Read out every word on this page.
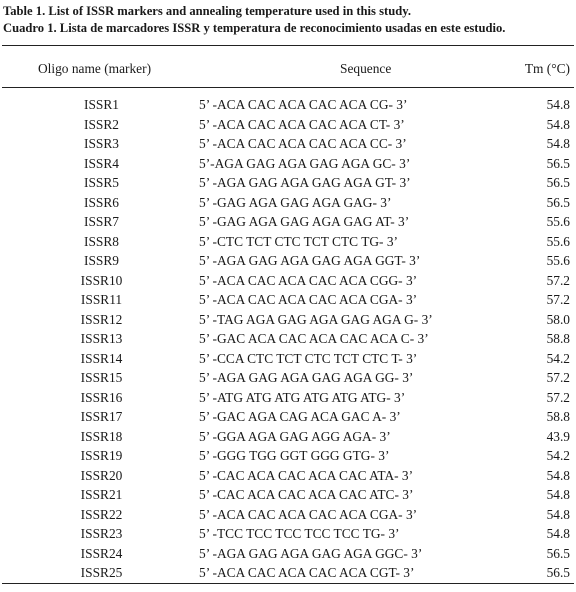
Table 1. List of ISSR markers and annealing temperature used in this study.
Cuadro 1. Lista de marcadores ISSR y temperatura de reconocimiento usadas en este estudio.
Oligo name (marker)	Sequence	Tm (°C)
ISSR1	5’ -ACA CAC ACA CAC ACA CG- 3’	54.8
ISSR2	5’ -ACA CAC ACA CAC ACA CT- 3’	54.8
ISSR3	5’ -ACA CAC ACA CAC ACA CC- 3’	54.8
ISSR4	5’-AGA GAG AGA GAG AGA GC- 3’	56.5
ISSR5	5’ -AGA GAG AGA GAG AGA GT- 3’	56.5
ISSR6	5’ -GAG AGA GAG AGA GAG- 3’	56.5
ISSR7	5’ -GAG AGA GAG AGA GAG AT- 3’	55.6
ISSR8	5’ -CTC TCT CTC TCT CTC TG- 3’	55.6
ISSR9	5’ -AGA GAG AGA GAG AGA GGT- 3’	55.6
ISSR10	5’ -ACA CAC ACA CAC ACA CGG- 3’	57.2
ISSR11	5’ -ACA CAC ACA CAC ACA CGA- 3’	57.2
ISSR12	5’ -TAG AGA GAG AGA GAG AGA G- 3’	58.0
ISSR13	5’ -GAC ACA CAC ACA CAC ACA C- 3’	58.8
ISSR14	5’ -CCA CTC TCT CTC TCT CTC T- 3’	54.2
ISSR15	5’ -AGA GAG AGA GAG AGA GG- 3’	57.2
ISSR16	5’ -ATG ATG ATG ATG ATG ATG- 3’	57.2
ISSR17	5’ -GAC AGA CAG ACA GAC A- 3’	58.8
ISSR18	5’ -GGA AGA GAG AGG AGA- 3’	43.9
ISSR19	5’ -GGG TGG GGT GGG GTG- 3’	54.2
ISSR20	5’ -CAC ACA CAC ACA CAC ATA- 3’	54.8
ISSR21	5’ -CAC ACA CAC ACA CAC ATC- 3’	54.8
ISSR22	5’ -ACA CAC ACA CAC ACA CGA- 3’	54.8
ISSR23	5’ -TCC TCC TCC TCC TCC TG- 3’	54.8
ISSR24	5’ -AGA GAG AGA GAG AGA GGC- 3’	56.5
ISSR25	5’ -ACA CAC ACA CAC ACA CGT- 3’	56.5
